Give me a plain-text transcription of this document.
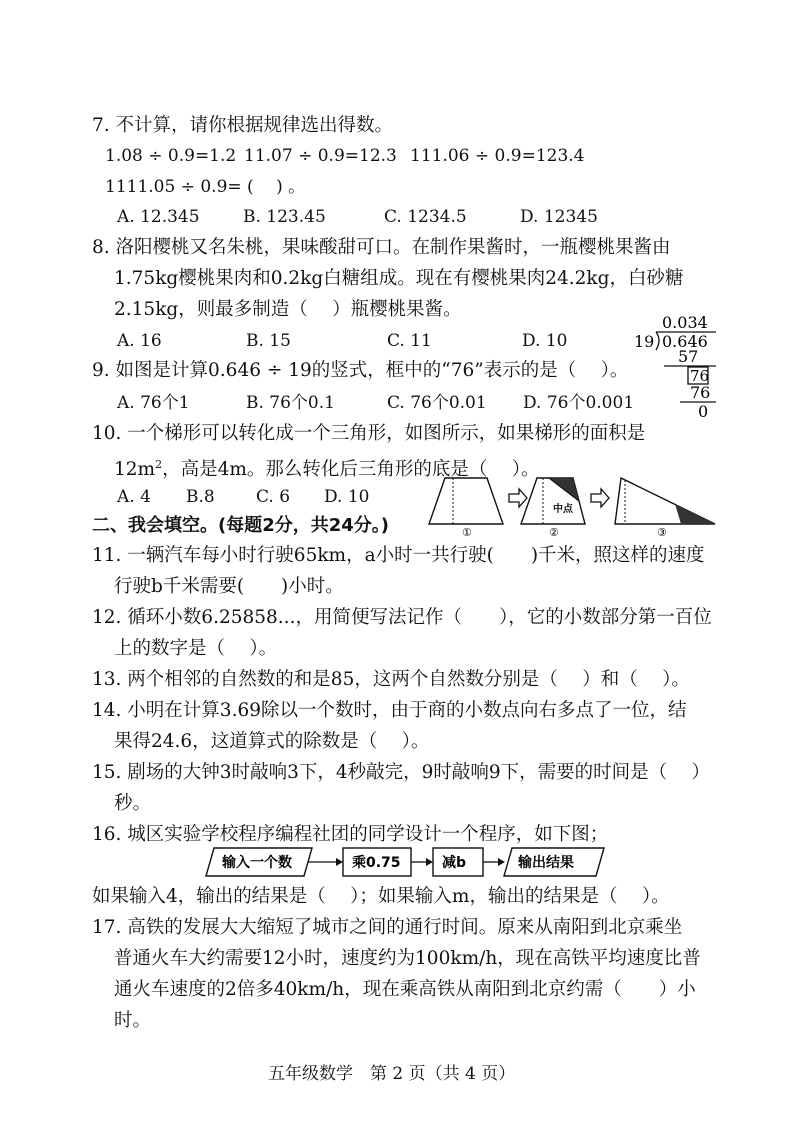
7. 不计算，请你根据规律选出得数。
1.08 ÷ 0.9=1.2 11.07 ÷ 0.9=12.3 111.06 ÷ 0.9=123.4
1111.05 ÷ 0.9= (　 ) 。
A. 12.345	B. 123.45	C. 1234.5	D. 12345
8. 洛阳樱桃又名朱桃，果味酸甜可口。在制作果酱时，一瓶樱桃果酱由
1.75kg樱桃果肉和0.2kg白糖组成。现在有樱桃果肉24.2kg，白砂糖
2.15kg，则最多制造（　 ）瓶樱桃果酱。
A. 16	B. 15	C. 11	D. 10
0.034
19 0.646
57
76
76
0
9. 如图是计算0.646 ÷ 19的竖式，框中的“76”表示的是（　 ）。
A. 76个1	B. 76个0.1	C. 76个0.01 D. 76个0.001
10. 一个梯形可以转化成一个三角形，如图所示，如果梯形的面积是
$12m^2$，高是4m。那么转化后三角形的底是（　 ）。
A. 4 B.8 C. 6 D. 10
①
中点
②	③
二、我会填空。(每题2分，共24分。)
11. 一辆汽车每小时行驶65km，a小时一共行驶(　　)千米，照这样的速度
行驶b千米需要(　　)小时。
12. 循环小数6.25858...，用简便写法记作（　　），它的小数部分第一百位
上的数字是（　 ）。
13. 两个相邻的自然数的和是85，这两个自然数分别是（　 ）和（　 ）。
14. 小明在计算3.69除以一个数时，由于商的小数点向右多点了一位，结
果得24.6，这道算式的除数是（　 ）。
15. 剧场的大钟3时敲响3下，4秒敲完，9时敲响9下，需要的时间是（　 ）
秒。
16. 城区实验学校程序编程社团的同学设计一个程序，如下图；
输入一个数	乘0.75	减b	输出结果
如果输入4，输出的结果是（　 ）；如果输入m，输出的结果是（　 ）。
17. 高铁的发展大大缩短了城市之间的通行时间。原来从南阳到北京乘坐
普通火车大约需要12小时，速度约为100km/h，现在高铁平均速度比普
通火车速度的2倍多40km/h，现在乘高铁从南阳到北京约需（　　）小
时。
五年级数学　第 2 页（共 4 页）
